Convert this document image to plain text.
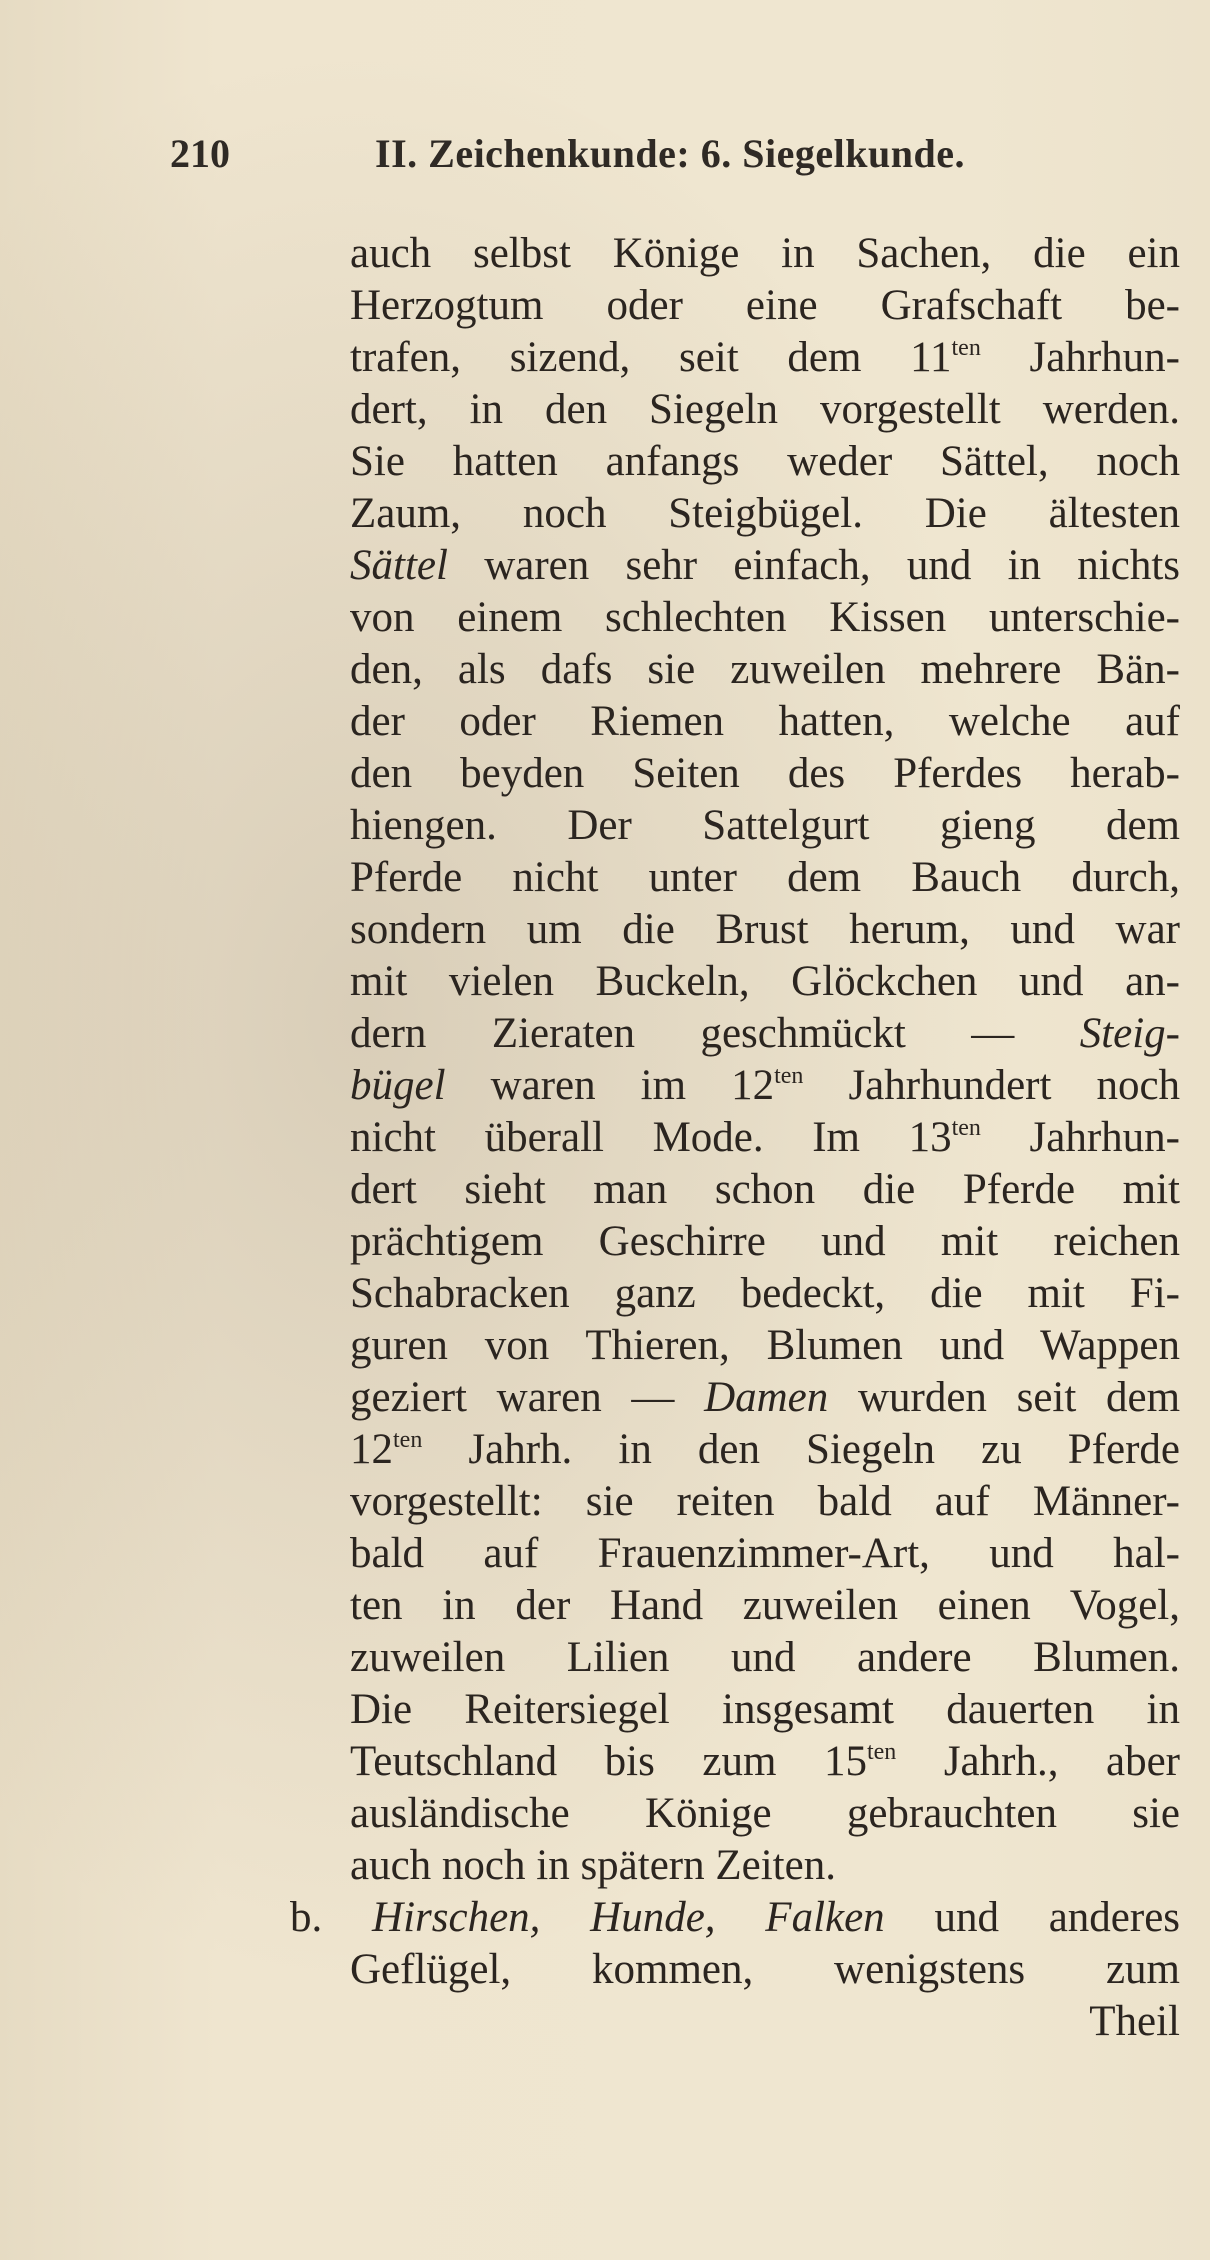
210	II. Zeichenkunde: 6. Siegelkunde.
auch selbst Könige in Sachen, die ein
Herzogtum oder eine Grafschaft be-
trafen, sizend, seit dem $11^{ten}$ Jahrhun-
dert, in den Siegeln vorgestellt werden.
Sie hatten anfangs weder Sättel, noch
Zaum, noch Steigbügel. Die ältesten
Sättel waren sehr einfach, und in nichts
von einem schlechten Kissen unterschie-
den, als dafs sie zuweilen mehrere Bän-
der oder Riemen hatten, welche auf
den beyden Seiten des Pferdes herab-
hiengen. Der Sattelgurt gieng dem
Pferde nicht unter dem Bauch durch,
sondern um die Brust herum, und war
mit vielen Buckeln, Glöckchen und an-
dern Zieraten geschmückt — Steig-
bügel waren im $12^{ten}$ Jahrhundert noch
nicht überall Mode. Im $13^{ten}$ Jahrhun-
dert sieht man schon die Pferde mit
prächtigem Geschirre und mit reichen
Schabracken ganz bedeckt, die mit Fi-
guren von Thieren, Blumen und Wappen
geziert waren — Damen wurden seit dem
$12^{ten}$ Jahrh. in den Siegeln zu Pferde
vorgestellt: sie reiten bald auf Männer-
bald auf Frauenzimmer-Art, und hal-
ten in der Hand zuweilen einen Vogel,
zuweilen Lilien und andere Blumen.
Die Reitersiegel insgesamt dauerten in
Teutschland bis zum $15^{ten}$ Jahrh., aber
ausländische Könige gebrauchten sie
auch noch in spätern Zeiten.
b. Hirschen, Hunde, Falken und anderes
Geflügel, kommen, wenigstens zum
Theil
